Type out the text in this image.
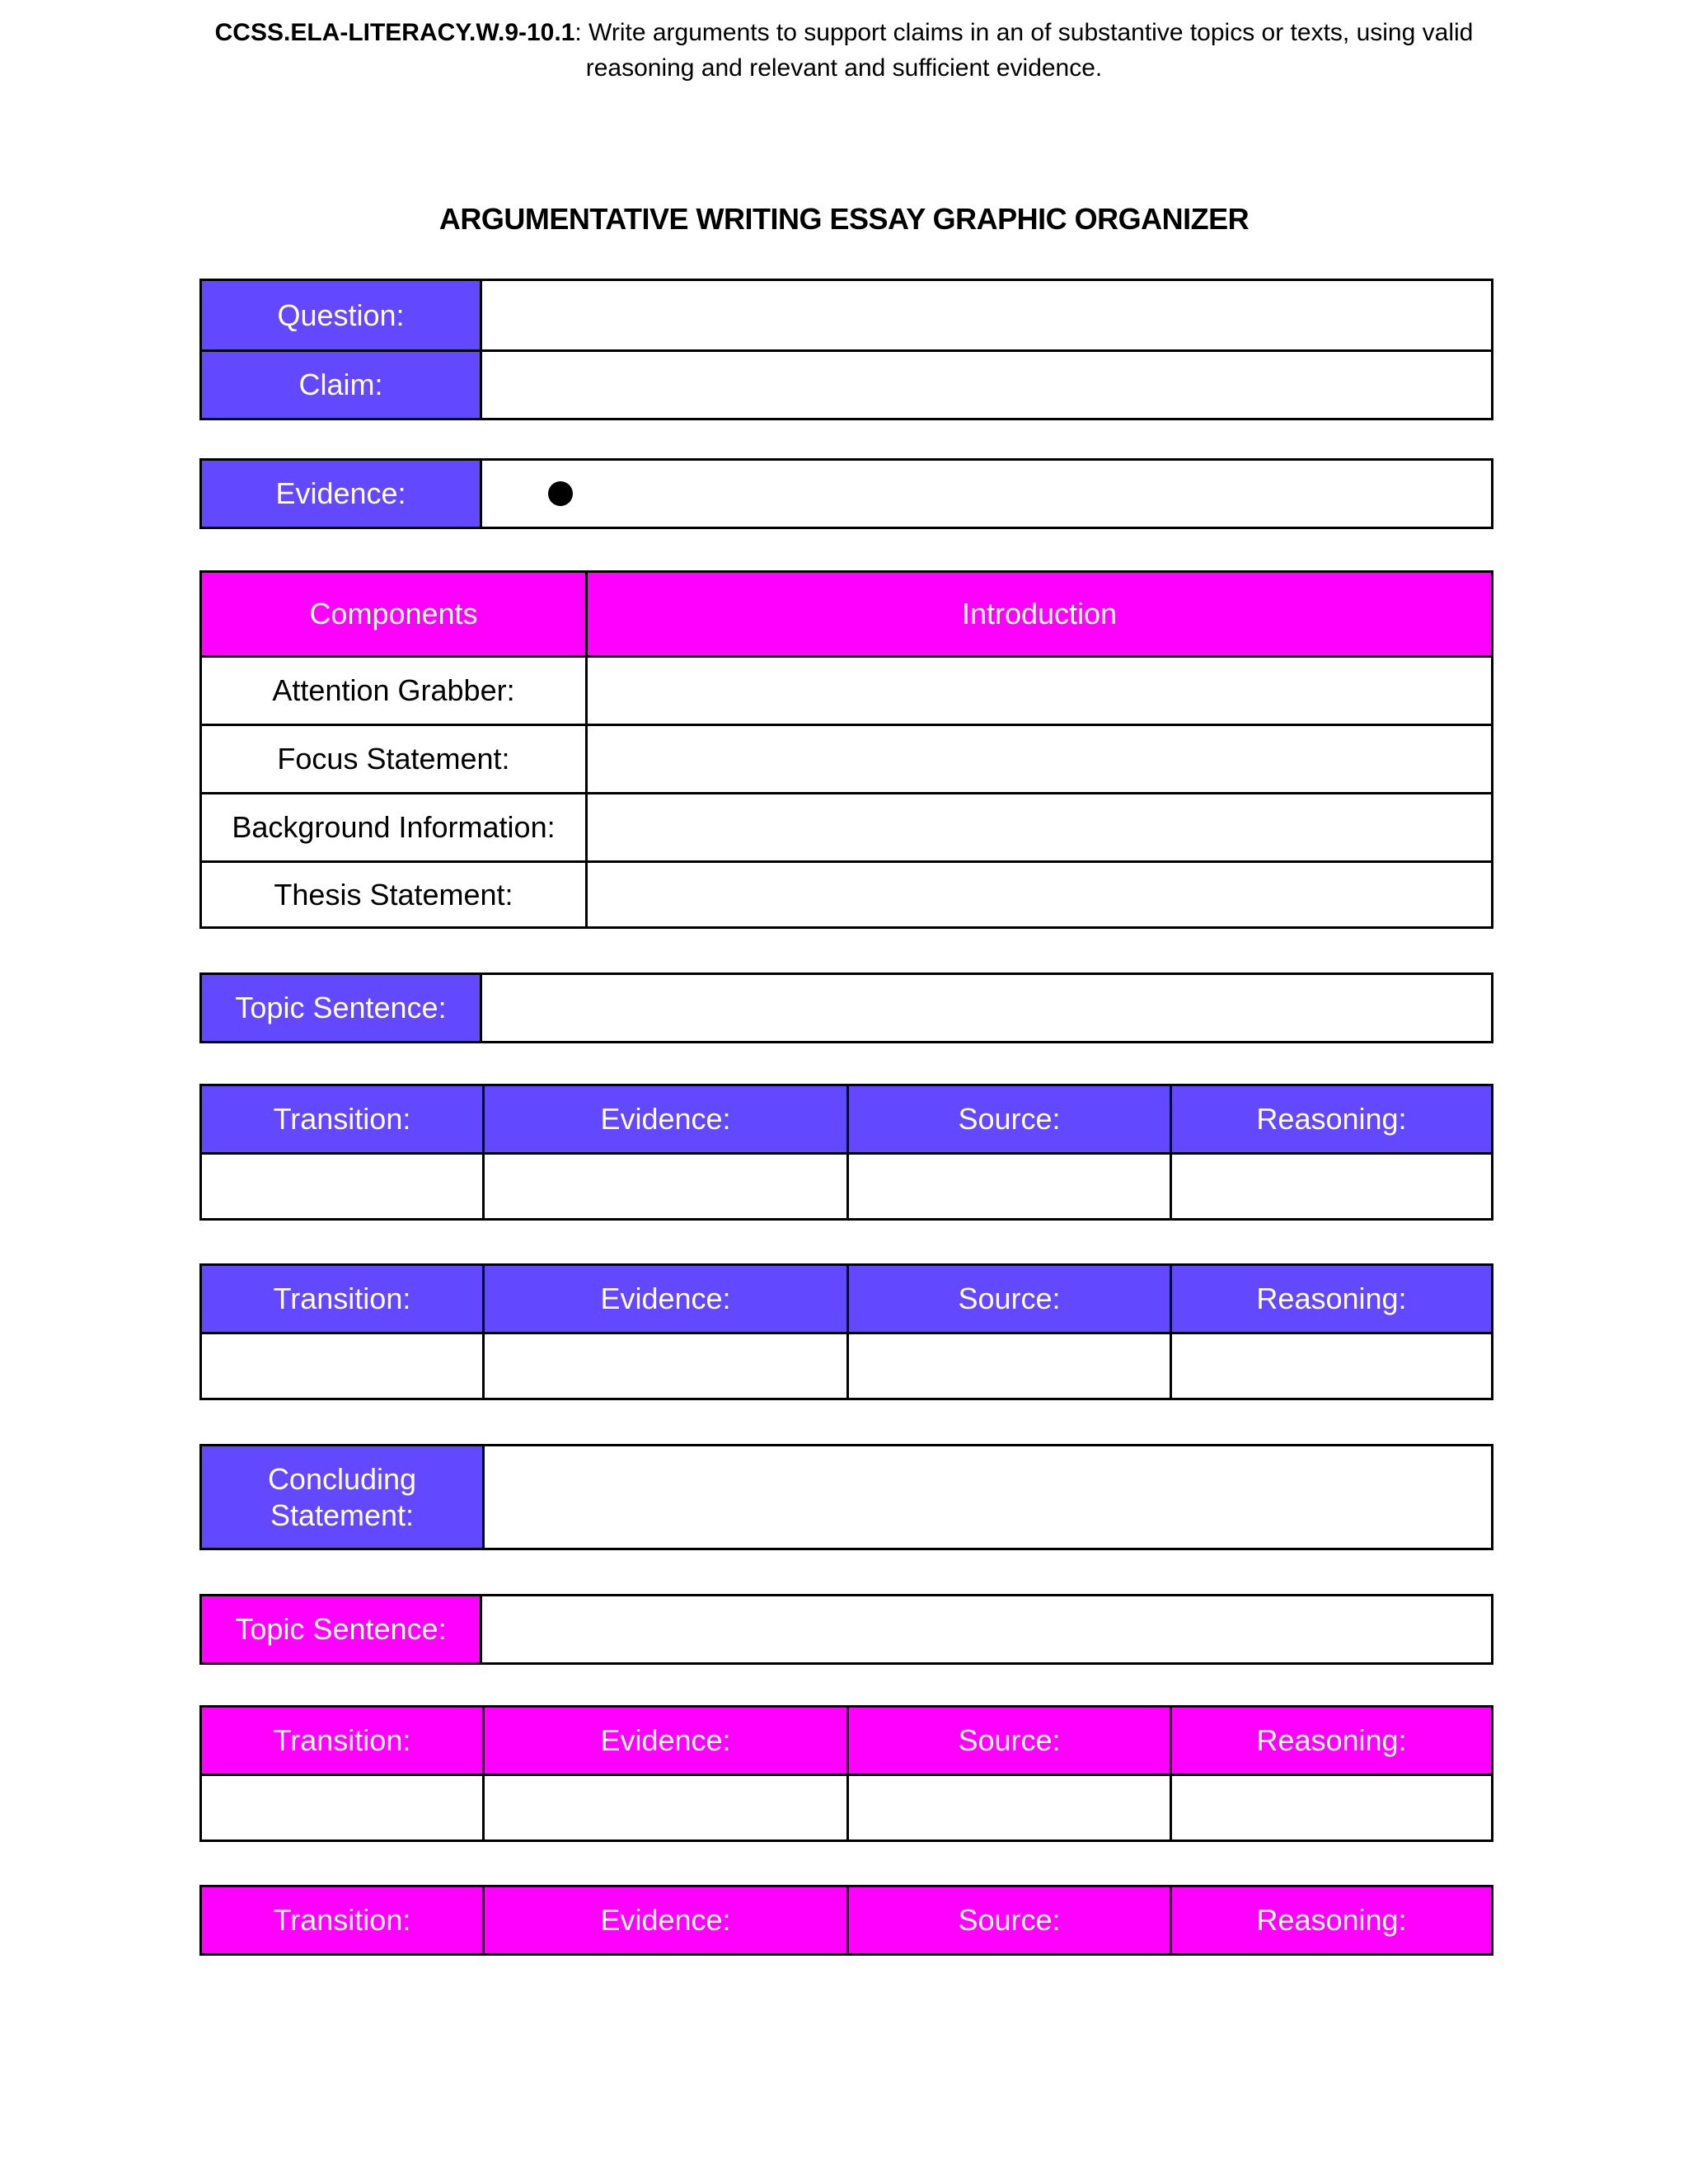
CCSS.ELA-LITERACY.W.9-10.1: Write arguments to support claims in an of substantive topics or texts, using valid
reasoning and relevant and sufficient evidence.
ARGUMENTATIVE WRITING ESSAY GRAPHIC ORGANIZER
Question:
Claim:
Evidence:
Components	Introduction
Attention Grabber:
Focus Statement:
Background Information:
Thesis Statement:
Topic Sentence:
Transition:	Evidence:	Source:	Reasoning:
Transition:	Evidence:	Source:	Reasoning:
Concluding
Statement:
Topic Sentence:
Transition:	Evidence:	Source:	Reasoning:
Transition:	Evidence:	Source:	Reasoning:
